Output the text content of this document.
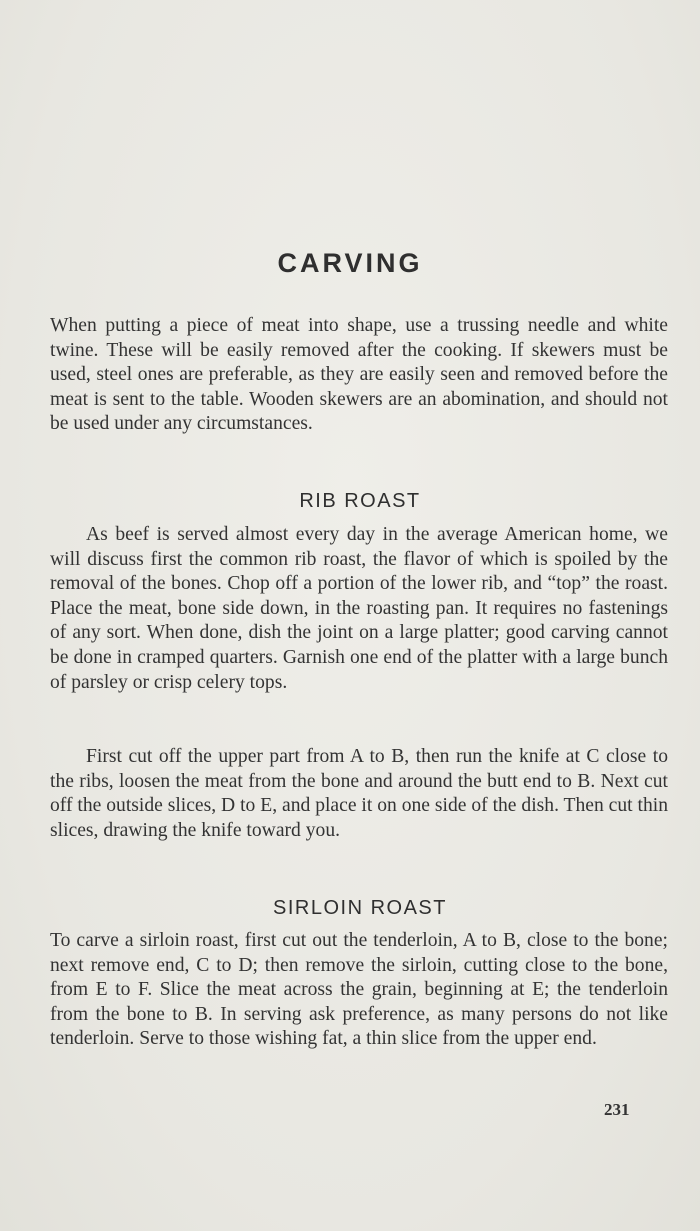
CARVING
When putting a piece of meat into shape, use a trussing needle and white twine. These will be easily removed after the cooking. If skewers must be used, steel ones are preferable, as they are easily seen and removed before the meat is sent to the table. Wooden skewers are an abomination, and should not be used under any circumstances.
RIB ROAST
As beef is served almost every day in the average American home, we will discuss first the common rib roast, the flavor of which is spoiled by the removal of the bones. Chop off a portion of the lower rib, and “top” the roast. Place the meat, bone side down, in the roasting pan. It requires no fastenings of any sort. When done, dish the joint on a large platter; good carving cannot be done in cramped quarters. Garnish one end of the platter with a large bunch of parsley or crisp celery tops.
First cut off the upper part from A to B, then run the knife at C close to the ribs, loosen the meat from the bone and around the butt end to B. Next cut off the outside slices, D to E, and place it on one side of the dish. Then cut thin slices, drawing the knife toward you.
SIRLOIN ROAST
To carve a sirloin roast, first cut out the tenderloin, A to B, close to the bone; next remove end, C to D; then remove the sirloin, cutting close to the bone, from E to F. Slice the meat across the grain, beginning at E; the tenderloin from the bone to B. In serving ask preference, as many persons do not like tenderloin. Serve to those wishing fat, a thin slice from the upper end.
231
